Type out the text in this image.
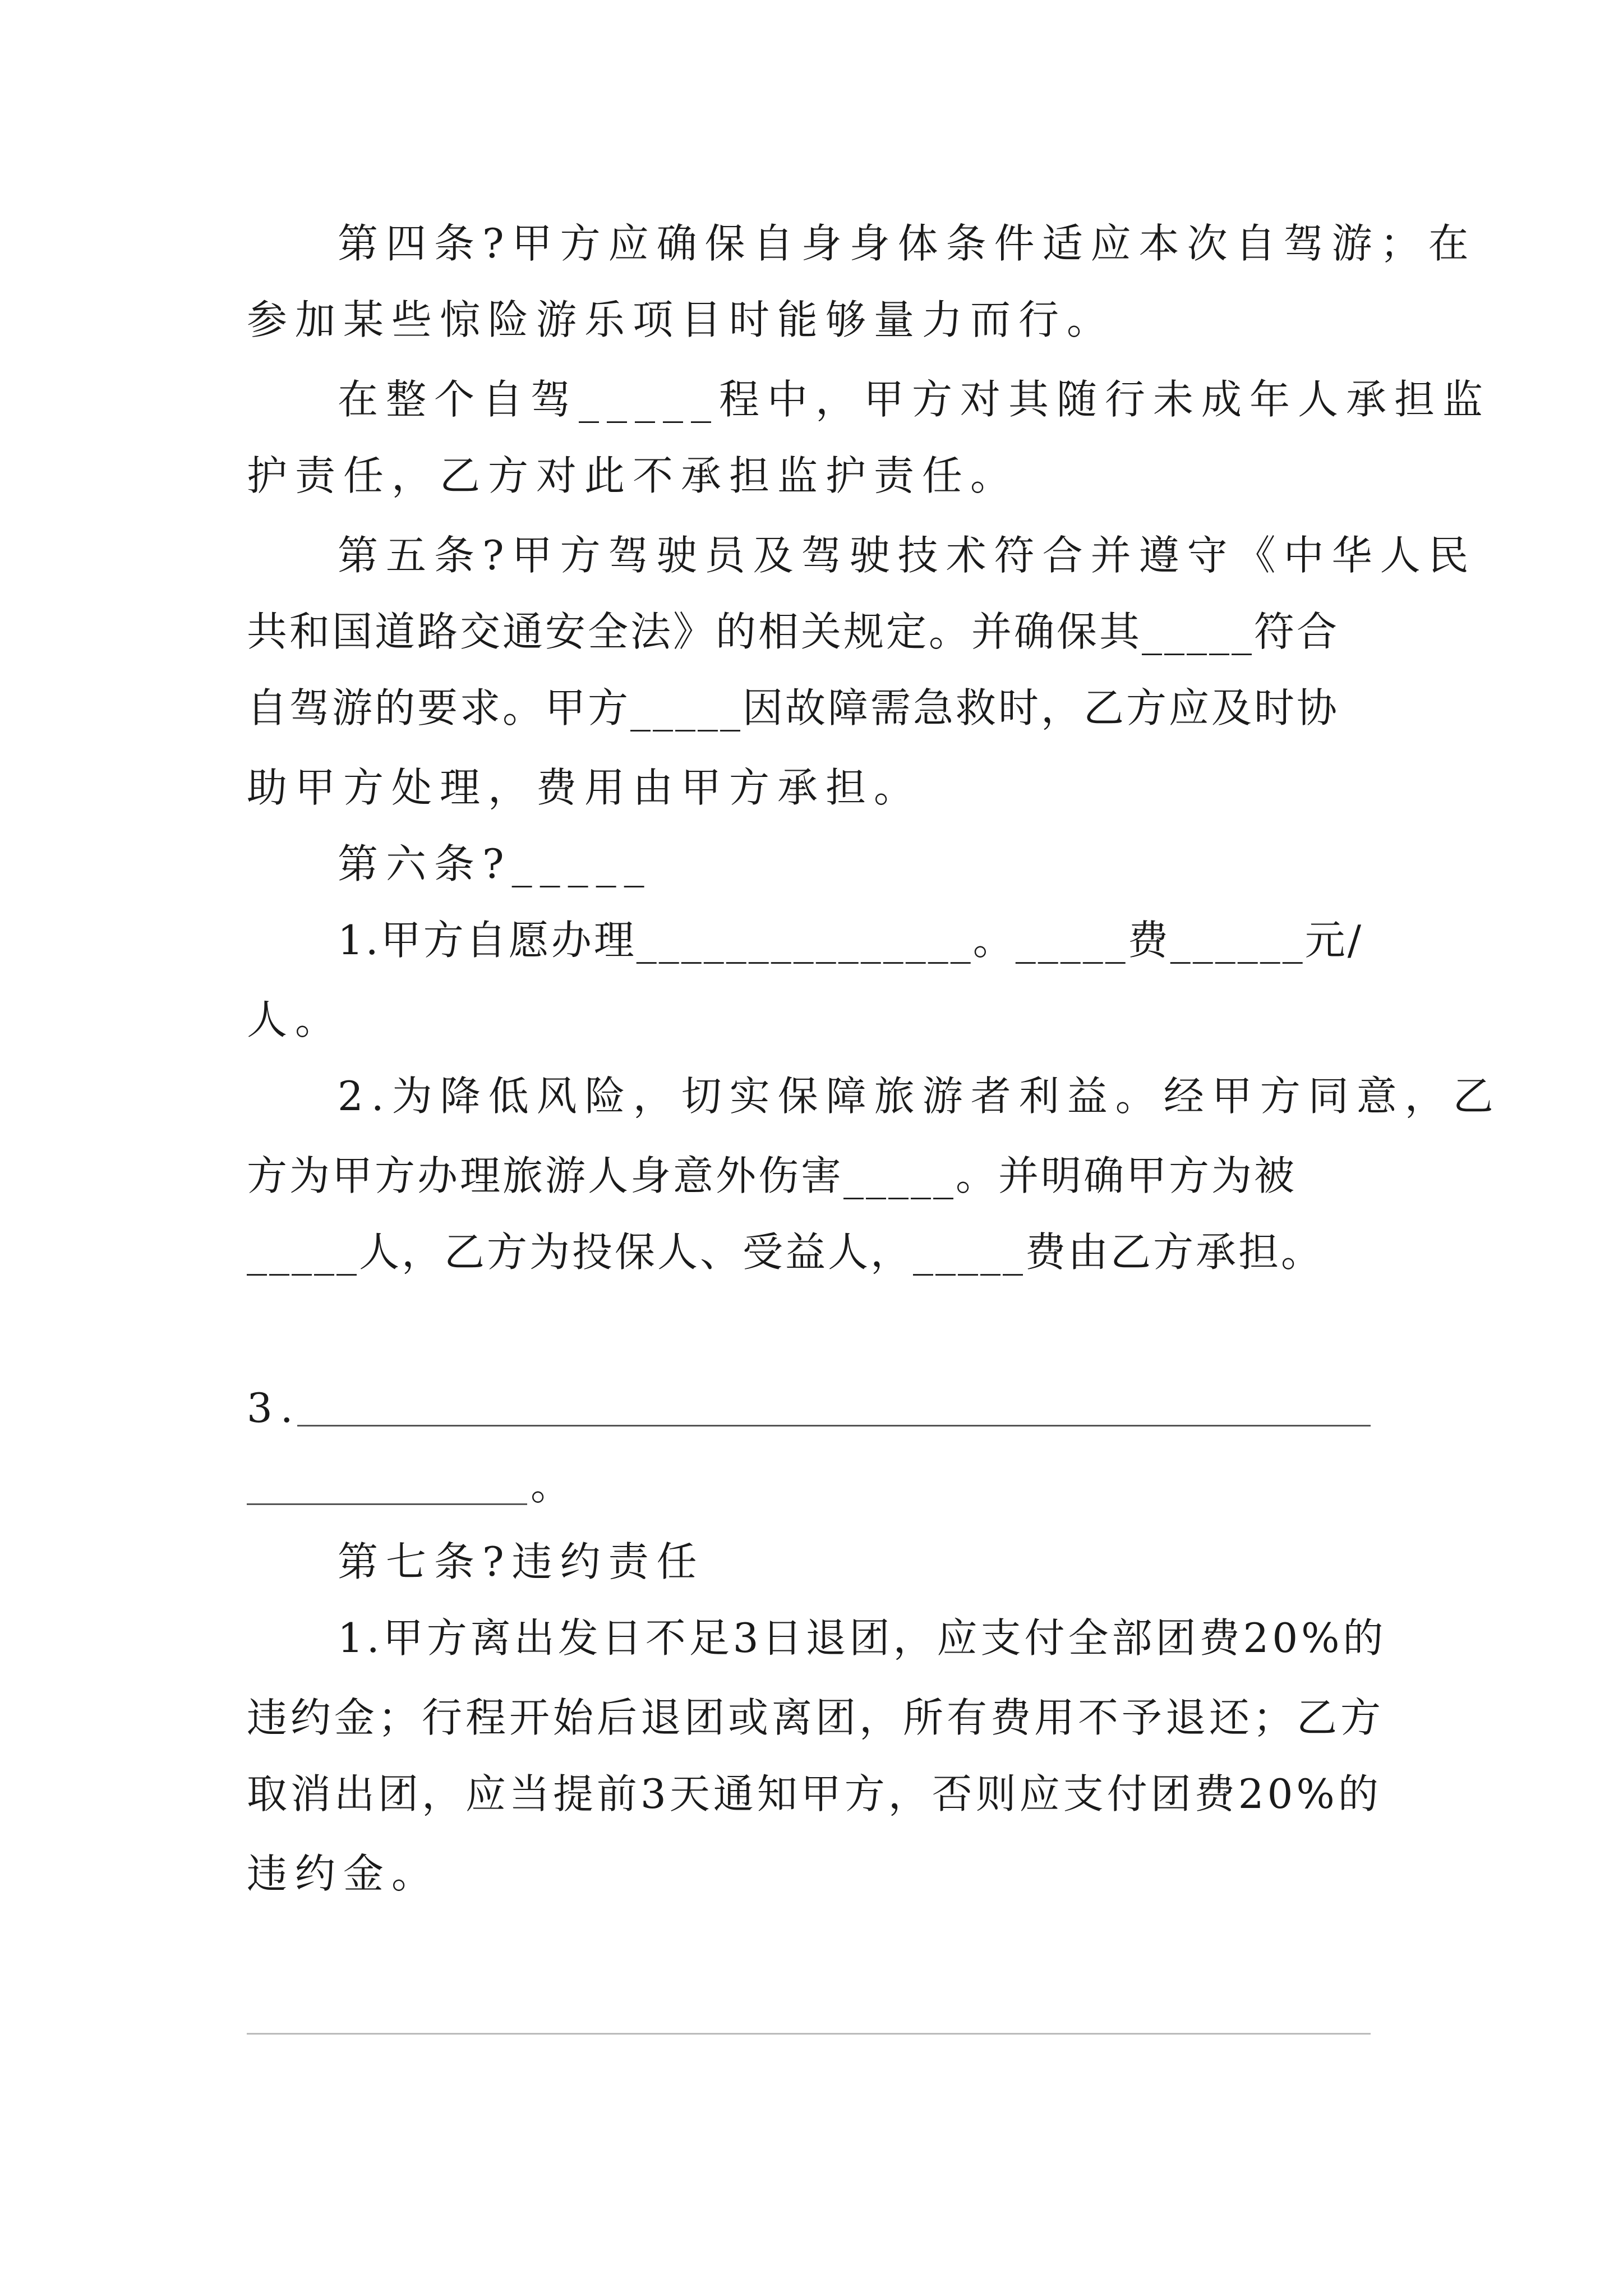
第四条?甲方应确保自身身体条件适应本次自驾游；在
参加某些惊险游乐项目时能够量力而行。
在整个自驾_____程中，甲方对其随行未成年人承担监
护责任，乙方对此不承担监护责任。
第五条?甲方驾驶员及驾驶技术符合并遵守《中华人民
共和国道路交通安全法》的相关规定。并确保其_____符合
自驾游的要求。甲方_____因故障需急救时，乙方应及时协
助甲方处理，费用由甲方承担。
第六条?_____
1.甲方自愿办理_______________。_____费______元/
人。
2.为降低风险，切实保障旅游者利益。经甲方同意，乙
方为甲方办理旅游人身意外伤害_____。并明确甲方为被
_____人，乙方为投保人、受益人，_____费由乙方承担。
3.
。
第七条?违约责任
1.甲方离出发日不足3日退团，应支付全部团费20%的
违约金；行程开始后退团或离团，所有费用不予退还；乙方
取消出团，应当提前3天通知甲方，否则应支付团费20%的
违约金。
